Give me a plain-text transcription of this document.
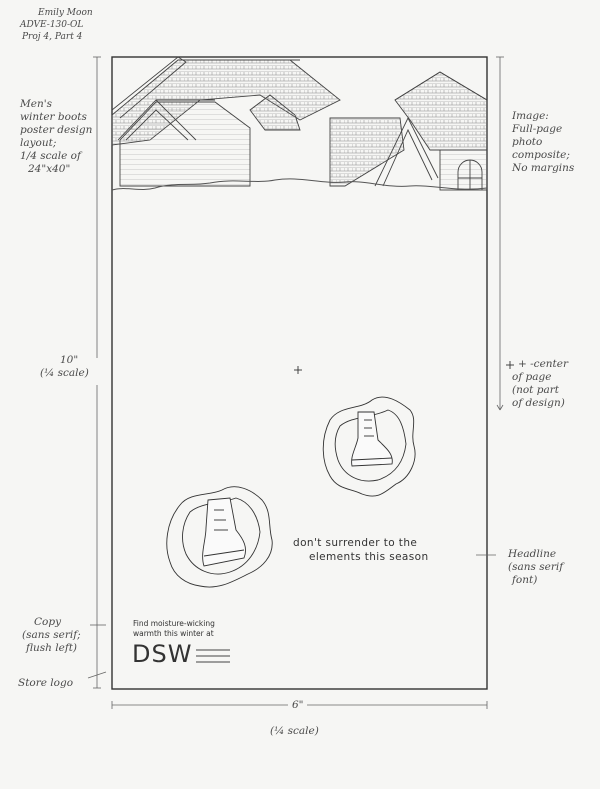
Emily Moon
ADVE-130-OL
Proj 4, Part 4
Men's
winter boots
poster design
layout;
1/4 scale of
24"x40"
10"
(¼ scale)
Copy
(sans serif;
flush left)
Store logo
Image:
Full-page
photo
composite;
No margins
+ -center
of page
(not part
of design)
Headline
(sans serif
font)
6"
(¼ scale)
don't surrender to the
elements this season
Find moisture-wicking
warmth this winter at
DSW
